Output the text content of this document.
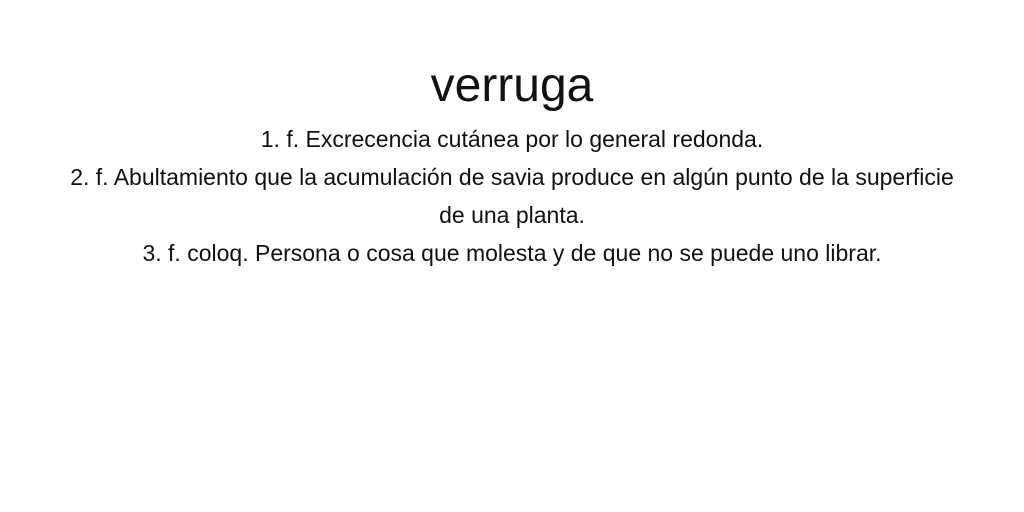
verruga
1. f. Excrecencia cutánea por lo general redonda.
2. f. Abultamiento que la acumulación de savia produce en algún punto de la superficie de una planta.
3. f. coloq. Persona o cosa que molesta y de que no se puede uno librar.
